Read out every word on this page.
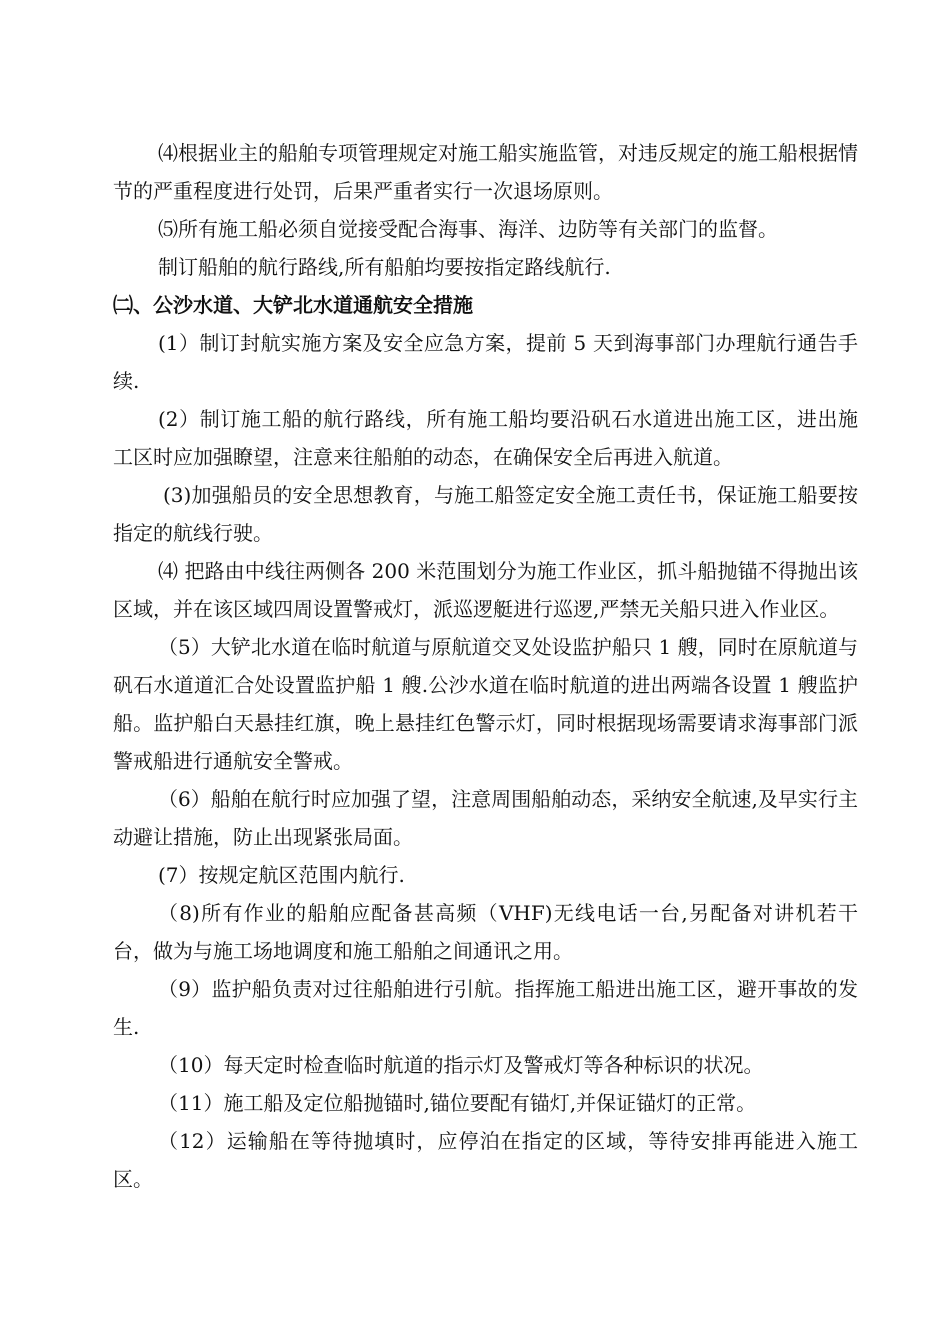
⑷根据业主的船舶专项管理规定对施工船实施监管，对违反规定的施工船根据情节的严重程度进行处罚，后果严重者实行一次退场原则。

⑸所有施工船必须自觉接受配合海事、海洋、边防等有关部门的监督。

制订船舶的航行路线,所有船舶均要按指定路线航行.

㈡、公沙水道、大铲北水道通航安全措施

(1）制订封航实施方案及安全应急方案，提前 5 天到海事部门办理航行通告手续.

(2）制订施工船的航行路线，所有施工船均要沿矾石水道进出施工区，进出施工区时应加强瞭望，注意来往船舶的动态，在确保安全后再进入航道。

(3)加强船员的安全思想教育，与施工船签定安全施工责任书，保证施工船要按指定的航线行驶。

⑷ 把路由中线往两侧各 200 米范围划分为施工作业区，抓斗船抛锚不得抛出该区域，并在该区域四周设置警戒灯，派巡逻艇进行巡逻,严禁无关船只进入作业区。

（5）大铲北水道在临时航道与原航道交叉处设监护船只 1 艘，同时在原航道与矾石水道道汇合处设置监护船 1 艘.公沙水道在临时航道的进出两端各设置 1 艘监护船。监护船白天悬挂红旗，晚上悬挂红色警示灯，同时根据现场需要请求海事部门派警戒船进行通航安全警戒。

（6）船舶在航行时应加强了望，注意周围船舶动态，采纳安全航速,及早实行主动避让措施，防止出现紧张局面。

(7）按规定航区范围内航行.

（8)所有作业的船舶应配备甚高频（VHF)无线电话一台,另配备对讲机若干台，做为与施工场地调度和施工船舶之间通讯之用。

（9）监护船负责对过往船舶进行引航。指挥施工船进出施工区，避开事故的发生.

（10）每天定时检查临时航道的指示灯及警戒灯等各种标识的状况。

（11）施工船及定位船抛锚时,锚位要配有锚灯,并保证锚灯的正常。

（12）运输船在等待抛填时，应停泊在指定的区域，等待安排再能进入施工区。
